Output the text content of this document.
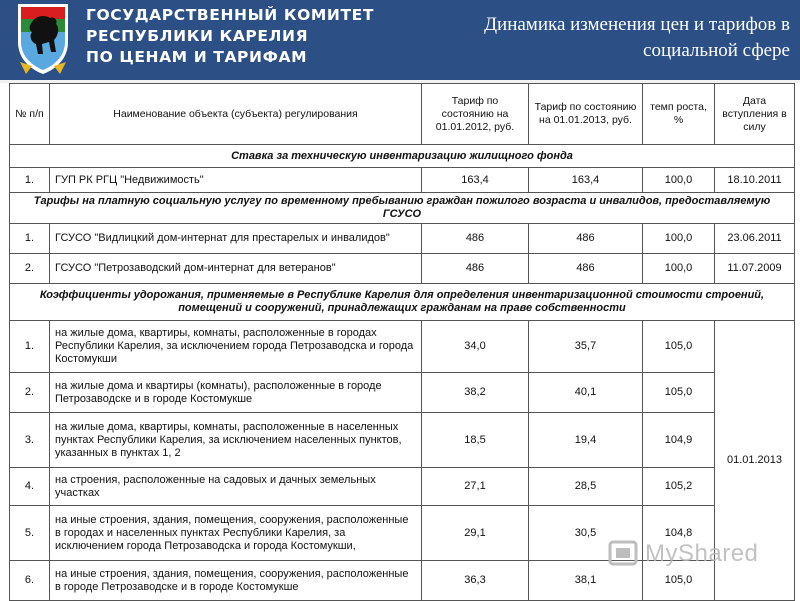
ГОСУДАРСТВЕННЫЙ КОМИТЕТ
РЕСПУБЛИКИ КАРЕЛИЯ
ПО ЦЕНАМ И ТАРИФАМ
Динамика изменения цен и тарифов в социальной сфере
№ п/п	Наименование объекта (субъекта) регулирования	Тариф по состоянию на 01.01.2012, руб.	Тариф по состоянию на 01.01.2013, руб.	темп роста, %	Дата вступления в силу
Ставка за техническую инвентаризацию жилищного фонда					
1.	ГУП РК РГЦ "Недвижимость"	163,4	163,4	100,0	18.10.2011
Тарифы на платную социальную услугу по временному пребыванию граждан пожилого возраста и инвалидов, предоставляемую ГСУСО					
1.	ГСУСО "Видлицкий дом-интернат для престарелых и инвалидов"	486	486	100,0	23.06.2011
2.	ГСУСО "Петрозаводский дом-интернат для ветеранов"	486	486	100,0	11.07.2009
Коэффициенты удорожания, применяемые в Республике Карелия для определения инвентаризационной стоимости строений, помещений и сооружений, принадлежащих гражданам на праве собственности					
1.	на жилые дома, квартиры, комнаты, расположенные в городах Республики Карелия, за исключением города Петрозаводска и города Костомукши	34,0	35,7	105,0	01.01.2013
2.	на жилые дома и квартиры (комнаты), расположенные в городе Петрозаводске и в городе Костомукше	38,2	40,1	105,0	
3.	на жилые дома, квартиры, комнаты, расположенные в населенных пунктах Республики Карелия, за исключением населенных пунктов, указанных в пунктах 1, 2	18,5	19,4	104,9	
4.	на строения, расположенные на садовых и дачных земельных участках	27,1	28,5	105,2	
5.	на иные строения, здания, помещения, сооружения, расположенные в городах и населенных пунктах Республики Карелия, за исключением города Петрозаводска и города Костомукши,	29,1	30,5	104,8	
6.	на иные строения, здания, помещения, сооружения, расположенные в городе Петрозаводске и в городе Костомукше	36,3	38,1	105,0	
MyShared
